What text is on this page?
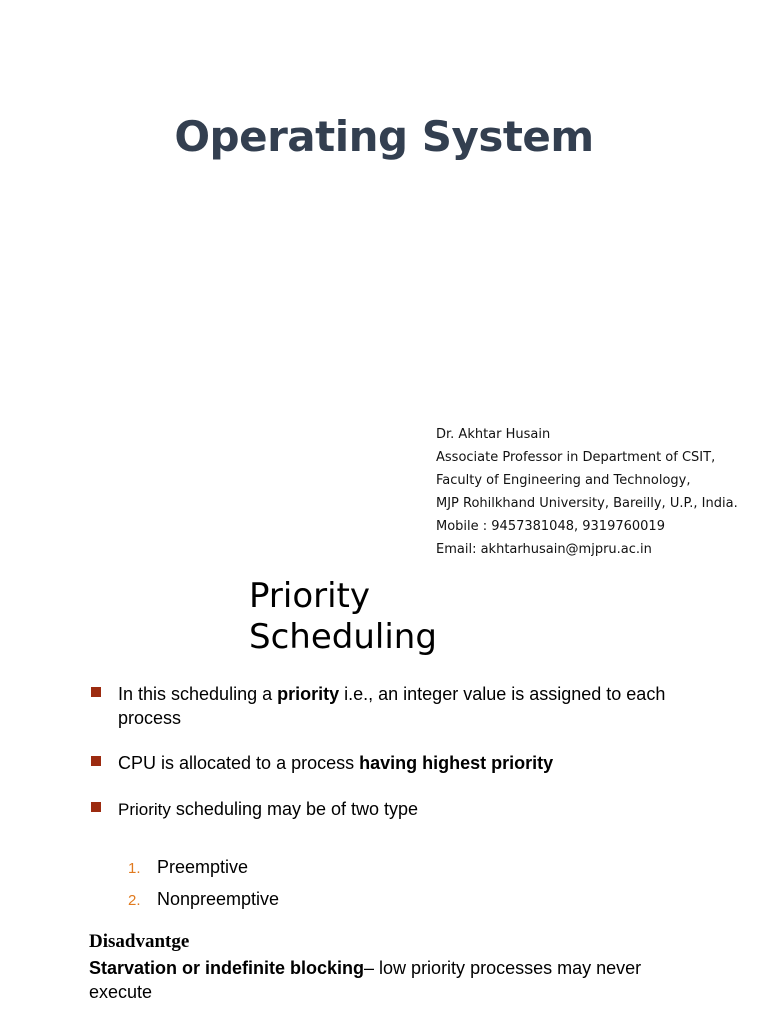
Operating System
Dr. Akhtar Husain
Associate Professor in Department of CSIT,
Faculty of Engineering and Technology,
MJP Rohilkhand University, Bareilly, U.P., India.
Mobile : 9457381048, 9319760019
Email: akhtarhusain@mjpru.ac.in
Priority
Scheduling
In this scheduling a priority i.e., an integer value is assigned to each process
CPU is allocated to a process having highest priority
Priority scheduling may be of two type
1. Preemptive
2. Nonpreemptive
Disadvantge
Starvation or indefinite blocking– low priority processes may never execute
